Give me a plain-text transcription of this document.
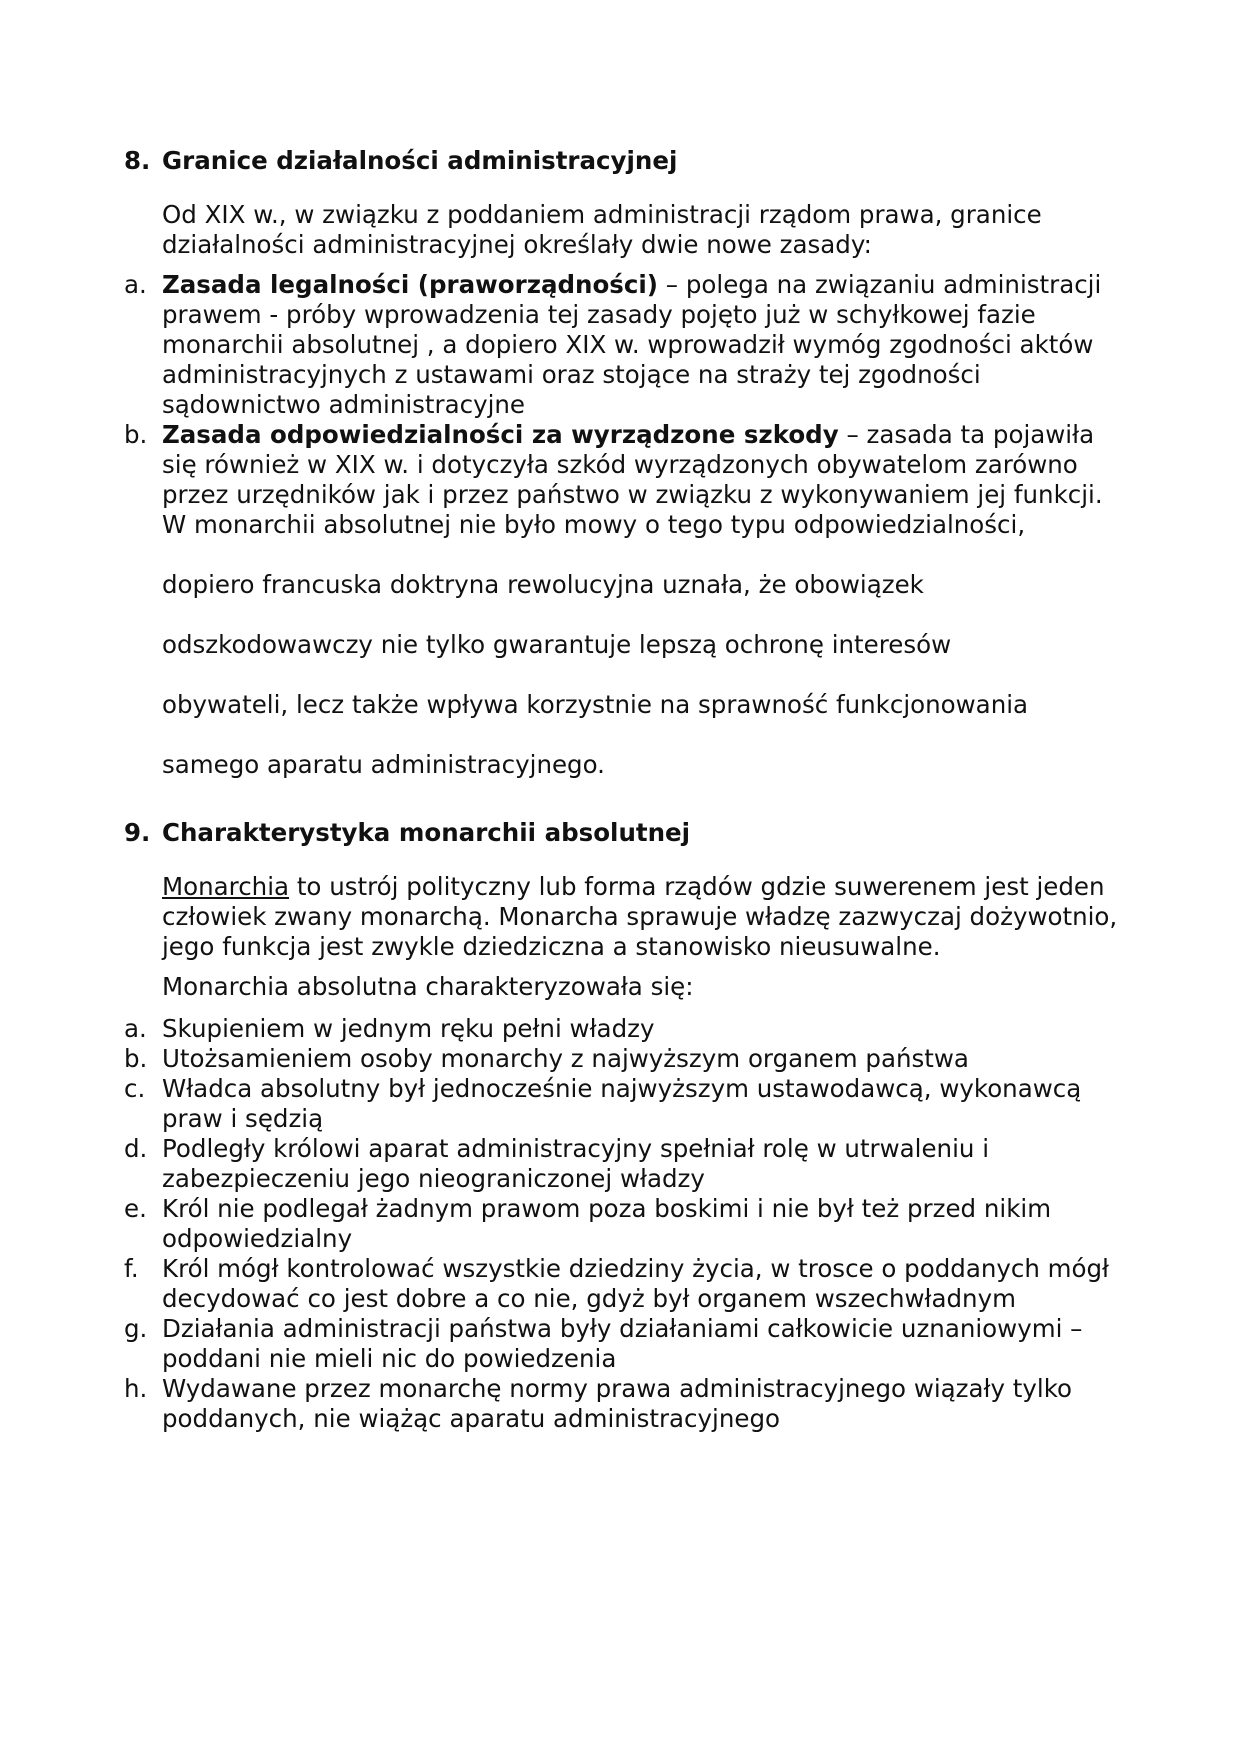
8. Granice działalności administracyjnej

Od XIX w., w związku z poddaniem administracji rządom prawa, granice działalności administracyjnej określały dwie nowe zasady:

a. Zasada legalności (praworządności) – polega na związaniu administracji prawem - próby wprowadzenia tej zasady pojęto już w schyłkowej fazie monarchii absolutnej , a dopiero XIX w. wprowadził wymóg zgodności aktów administracyjnych z ustawami oraz stojące na straży tej zgodności sądownictwo administracyjne
b. Zasada odpowiedzialności za wyrządzone szkody – zasada ta pojawiła się również w XIX w. i dotyczyła szkód wyrządzonych obywatelom zarówno przez urzędników jak i przez państwo w związku z wykonywaniem jej funkcji.

W monarchii absolutnej nie było mowy o tego typu odpowiedzialności,

dopiero francuska doktryna rewolucyjna uznała, że obowiązek

odszkodowawczy nie tylko gwarantuje lepszą ochronę interesów

obywateli, lecz także wpływa korzystnie na sprawność funkcjonowania

samego aparatu administracyjnego.

9. Charakterystyka monarchii absolutnej

Monarchia to ustrój polityczny lub forma rządów gdzie suwerenem jest jeden człowiek zwany monarchą. Monarcha sprawuje władzę zazwyczaj dożywotnio, jego funkcja jest zwykle dziedziczna a stanowisko nieusuwalne.

Monarchia absolutna charakteryzowała się:

a. Skupieniem w jednym ręku pełni władzy
b. Utożsamieniem osoby monarchy z najwyższym organem państwa
c. Władca absolutny był jednocześnie najwyższym ustawodawcą, wykonawcą praw i sędzią
d. Podległy królowi aparat administracyjny spełniał rolę w utrwaleniu i zabezpieczeniu jego nieograniczonej władzy
e. Król nie podlegał żadnym prawom poza boskimi i nie był też przed nikim odpowiedzialny
f. Król mógł kontrolować wszystkie dziedziny życia, w trosce o poddanych mógł decydować co jest dobre a co nie, gdyż był organem wszechwładnym
g. Działania administracji państwa były działaniami całkowicie uznaniowymi – poddani nie mieli nic do powiedzenia
h. Wydawane przez monarchę normy prawa administracyjnego wiązały tylko poddanych, nie wiążąc aparatu administracyjnego
